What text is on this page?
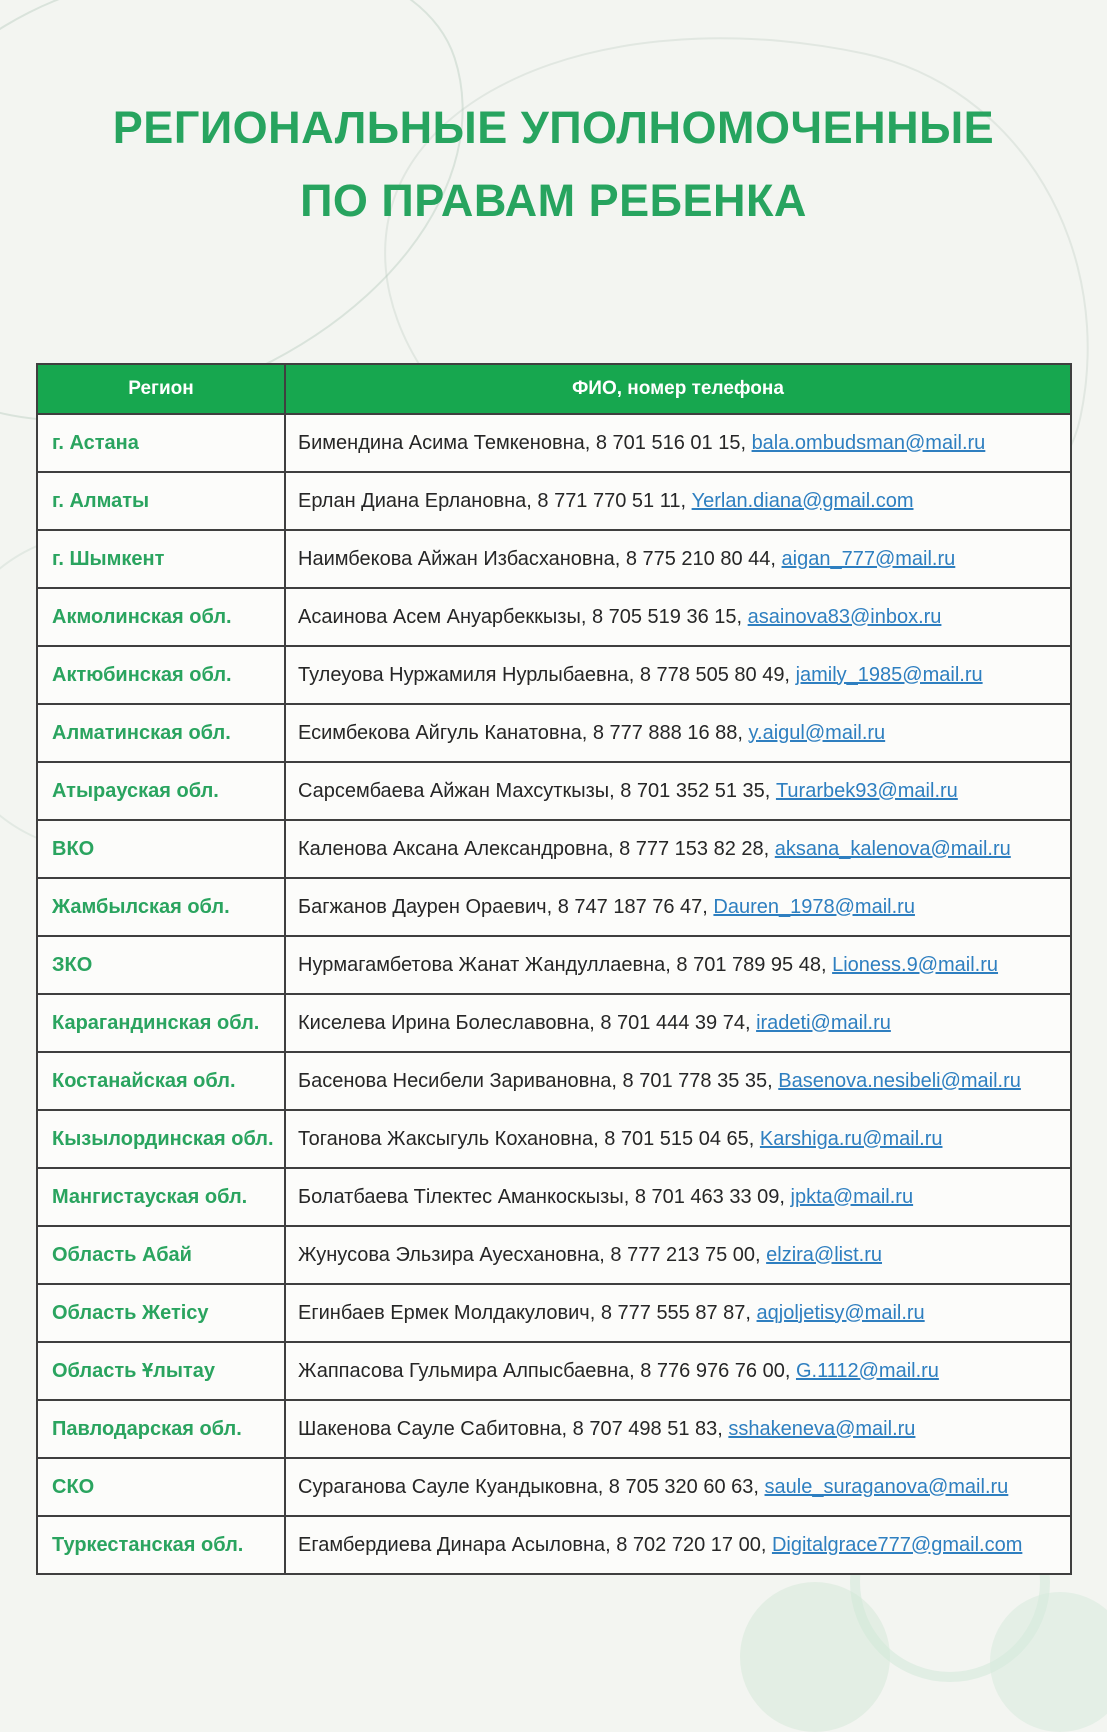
РЕГИОНАЛЬНЫЕ УПОЛНОМОЧЕННЫЕ ПО ПРАВАМ РЕБЕНКА
Регион	ФИО, номер телефона
г. Астана	Бимендина Асима Темкеновна, 8 701 516 01 15, bala.ombudsman@mail.ru
г. Алматы	Ерлан Диана Ерлановна, 8 771 770 51 11, Yerlan.diana@gmail.com
г. Шымкент	Наимбекова Айжан Избасхановна, 8 775 210 80 44, aigan_777@mail.ru
Акмолинская обл.	Асаинова Асем Ануарбеккызы, 8 705 519 36 15, asainova83@inbox.ru
Актюбинская обл.	Тулеуова Нуржамиля Нурлыбаевна, 8 778 505 80 49, jamily_1985@mail.ru
Алматинская обл.	Есимбекова Айгуль Канатовна, 8 777 888 16 88, y.aigul@mail.ru
Атырауская обл.	Сарсембаева Айжан Махсуткызы, 8 701 352 51 35, Turarbek93@mail.ru
ВКО	Каленова Аксана Александровна, 8 777 153 82 28, aksana_kalenova@mail.ru
Жамбылская обл.	Багжанов Даурен Ораевич, 8 747 187 76 47, Dauren_1978@mail.ru
ЗКО	Нурмагамбетова Жанат Жандуллаевна, 8 701 789 95 48, Lioness.9@mail.ru
Карагандинская обл.	Киселева Ирина Болеславовна, 8 701 444 39 74, iradeti@mail.ru
Костанайская обл.	Басенова Несибели Заривановна, 8 701 778 35 35, Basenova.nesibeli@mail.ru
Кызылординская обл.	Тоганова Жаксыгуль Кохановна, 8 701 515 04 65, Karshiga.ru@mail.ru
Мангистауская обл.	Болатбаева Тілектес Аманкоскызы, 8 701 463 33 09, jpkta@mail.ru
Область Абай	Жунусова Эльзира Ауесхановна, 8 777 213 75 00, elzira@list.ru
Область Жетісу	Егинбаев Ермек Молдакулович, 8 777 555 87 87, aqjoljetisy@mail.ru
Область Ұлытау	Жаппасова Гульмира Алпысбаевна, 8 776 976 76 00, G.1112@mail.ru
Павлодарская обл.	Шакенова Сауле Сабитовна, 8 707 498 51 83, sshakeneva@mail.ru
СКО	Сураганова Сауле Куандыковна, 8 705 320 60 63, saule_suraganova@mail.ru
Туркестанская обл.	Егамбердиева Динара Асыловна, 8 702 720 17 00, Digitalgrace777@gmail.com
